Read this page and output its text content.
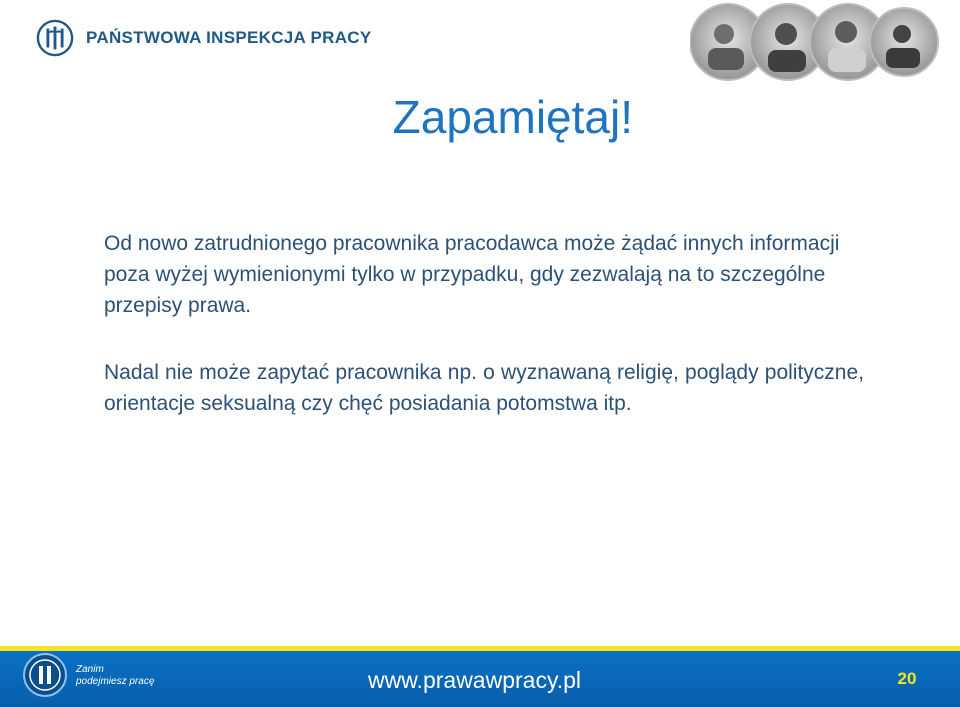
PAŃSTWOWA INSPEKCJA PRACY
Zapamiętaj!
Od nowo zatrudnionego pracownika pracodawca może żądać innych informacji poza wyżej wymienionymi tylko w przypadku, gdy zezwalają na to szczególne przepisy prawa.
Nadal nie może zapytać pracownika np. o wyznawaną religię, poglądy polityczne, orientacje seksualną czy chęć posiadania potomstwa itp.
Zanim
podejmiesz pracę	www.prawawpracy.pl	20
